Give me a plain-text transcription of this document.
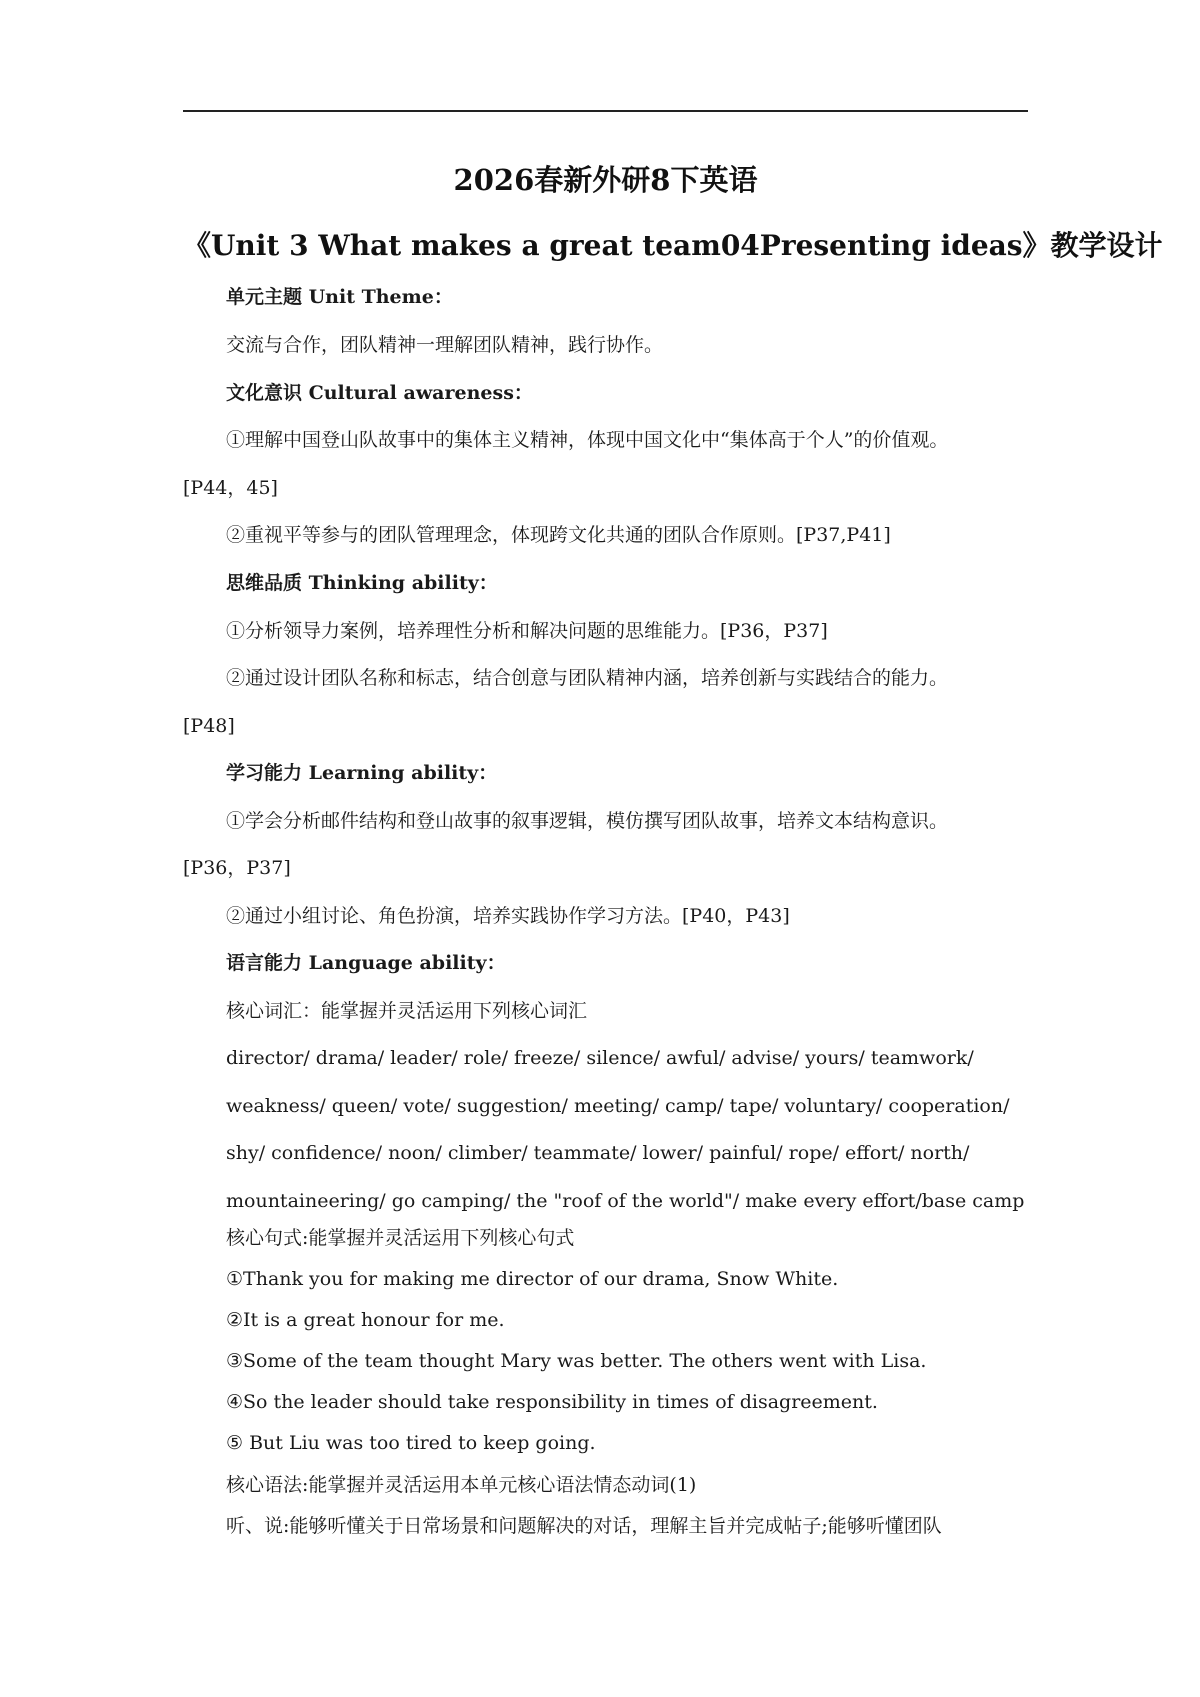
2026春新外研8下英语
《Unit 3 What makes a great team04Presenting ideas》教学设计
单元主题 Unit Theme：
交流与合作，团队精神一理解团队精神，践行协作。
文化意识 Cultural awareness：
①理解中国登山队故事中的集体主义精神，体现中国文化中“集体高于个人”的价值观。
[P44，45]
②重视平等参与的团队管理理念，体现跨文化共通的团队合作原则。[P37,P41]
思维品质 Thinking ability：
①分析领导力案例，培养理性分析和解决问题的思维能力。[P36，P37]
②通过设计团队名称和标志，结合创意与团队精神内涵，培养创新与实践结合的能力。
[P48]
学习能力 Learning ability：
①学会分析邮件结构和登山故事的叙事逻辑，模仿撰写团队故事，培养文本结构意识。
[P36，P37]
②通过小组讨论、角色扮演，培养实践协作学习方法。[P40，P43]
语言能力 Language ability：
核心词汇：能掌握并灵活运用下列核心词汇
director/ drama/ leader/ role/ freeze/ silence/ awful/ advise/ yours/ teamwork/
weakness/ queen/ vote/ suggestion/ meeting/ camp/ tape/ voluntary/ cooperation/
shy/ confidence/ noon/ climber/ teammate/ lower/ painful/ rope/ effort/ north/
mountaineering/ go camping/ the "roof of the world"/ make every effort/base camp
核心句式:能掌握并灵活运用下列核心句式
①Thank you for making me director of our drama, Snow White.
②It is a great honour for me.
③Some of the team thought Mary was better. The others went with Lisa.
④So the leader should take responsibility in times of disagreement.
⑤ But Liu was too tired to keep going.
核心语法:能掌握并灵活运用本单元核心语法情态动词(1)
听、说:能够听懂关于日常场景和问题解决的对话，理解主旨并完成帖子;能够听懂团队
